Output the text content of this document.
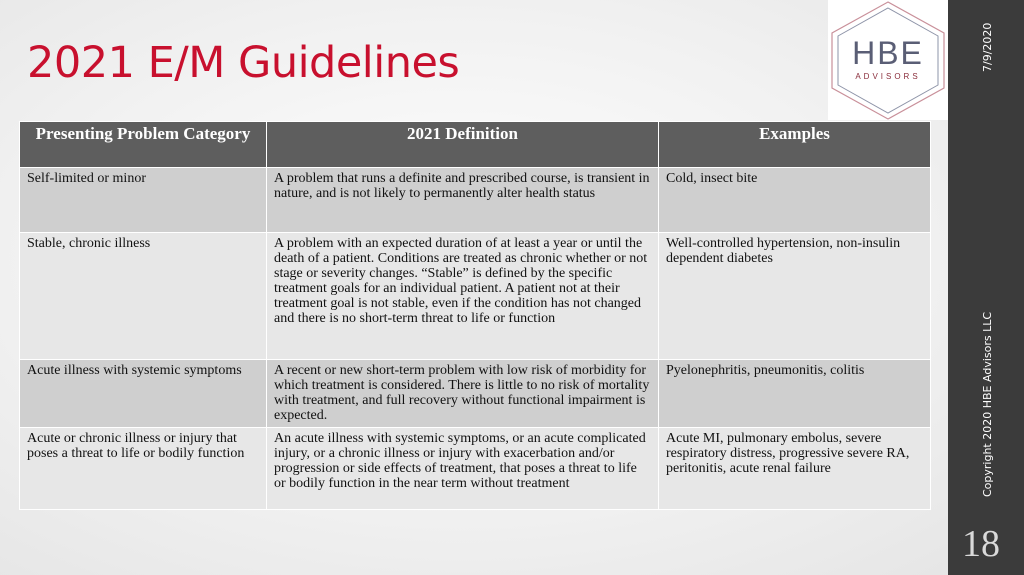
2021 E/M Guidelines	HBE
ADVISORS
Presenting Problem Category	2021 Definition	Examples
Self-limited or minor	A problem that runs a definite and prescribed course, is transient in nature, and is not likely to permanently alter health status	Cold, insect bite
Stable, chronic illness	A problem with an expected duration of at least a year or until the death of a patient. Conditions are treated as chronic whether or not stage or severity changes. “Stable” is defined by the specific treatment goals for an individual patient. A patient not at their treatment goal is not stable, even if the condition has not changed and there is no short-term threat to life or function	Well-controlled hypertension, non-insulin dependent diabetes
Acute illness with systemic symptoms	A recent or new short-term problem with low risk of morbidity for which treatment is considered. There is little to no risk of mortality with treatment, and full recovery without functional impairment is expected.	Pyelonephritis, pneumonitis, colitis
Acute or chronic illness or injury that poses a threat to life or bodily function	An acute illness with systemic symptoms, or an acute complicated injury, or a chronic illness or injury with exacerbation and/or progression or side effects of treatment, that poses a threat to life or bodily function in the near term without treatment	Acute MI, pulmonary embolus, severe respiratory distress, progressive severe RA, peritonitis, acute renal failure
7/9/2020
Copyright 2020 HBE Advisors LLC
18
